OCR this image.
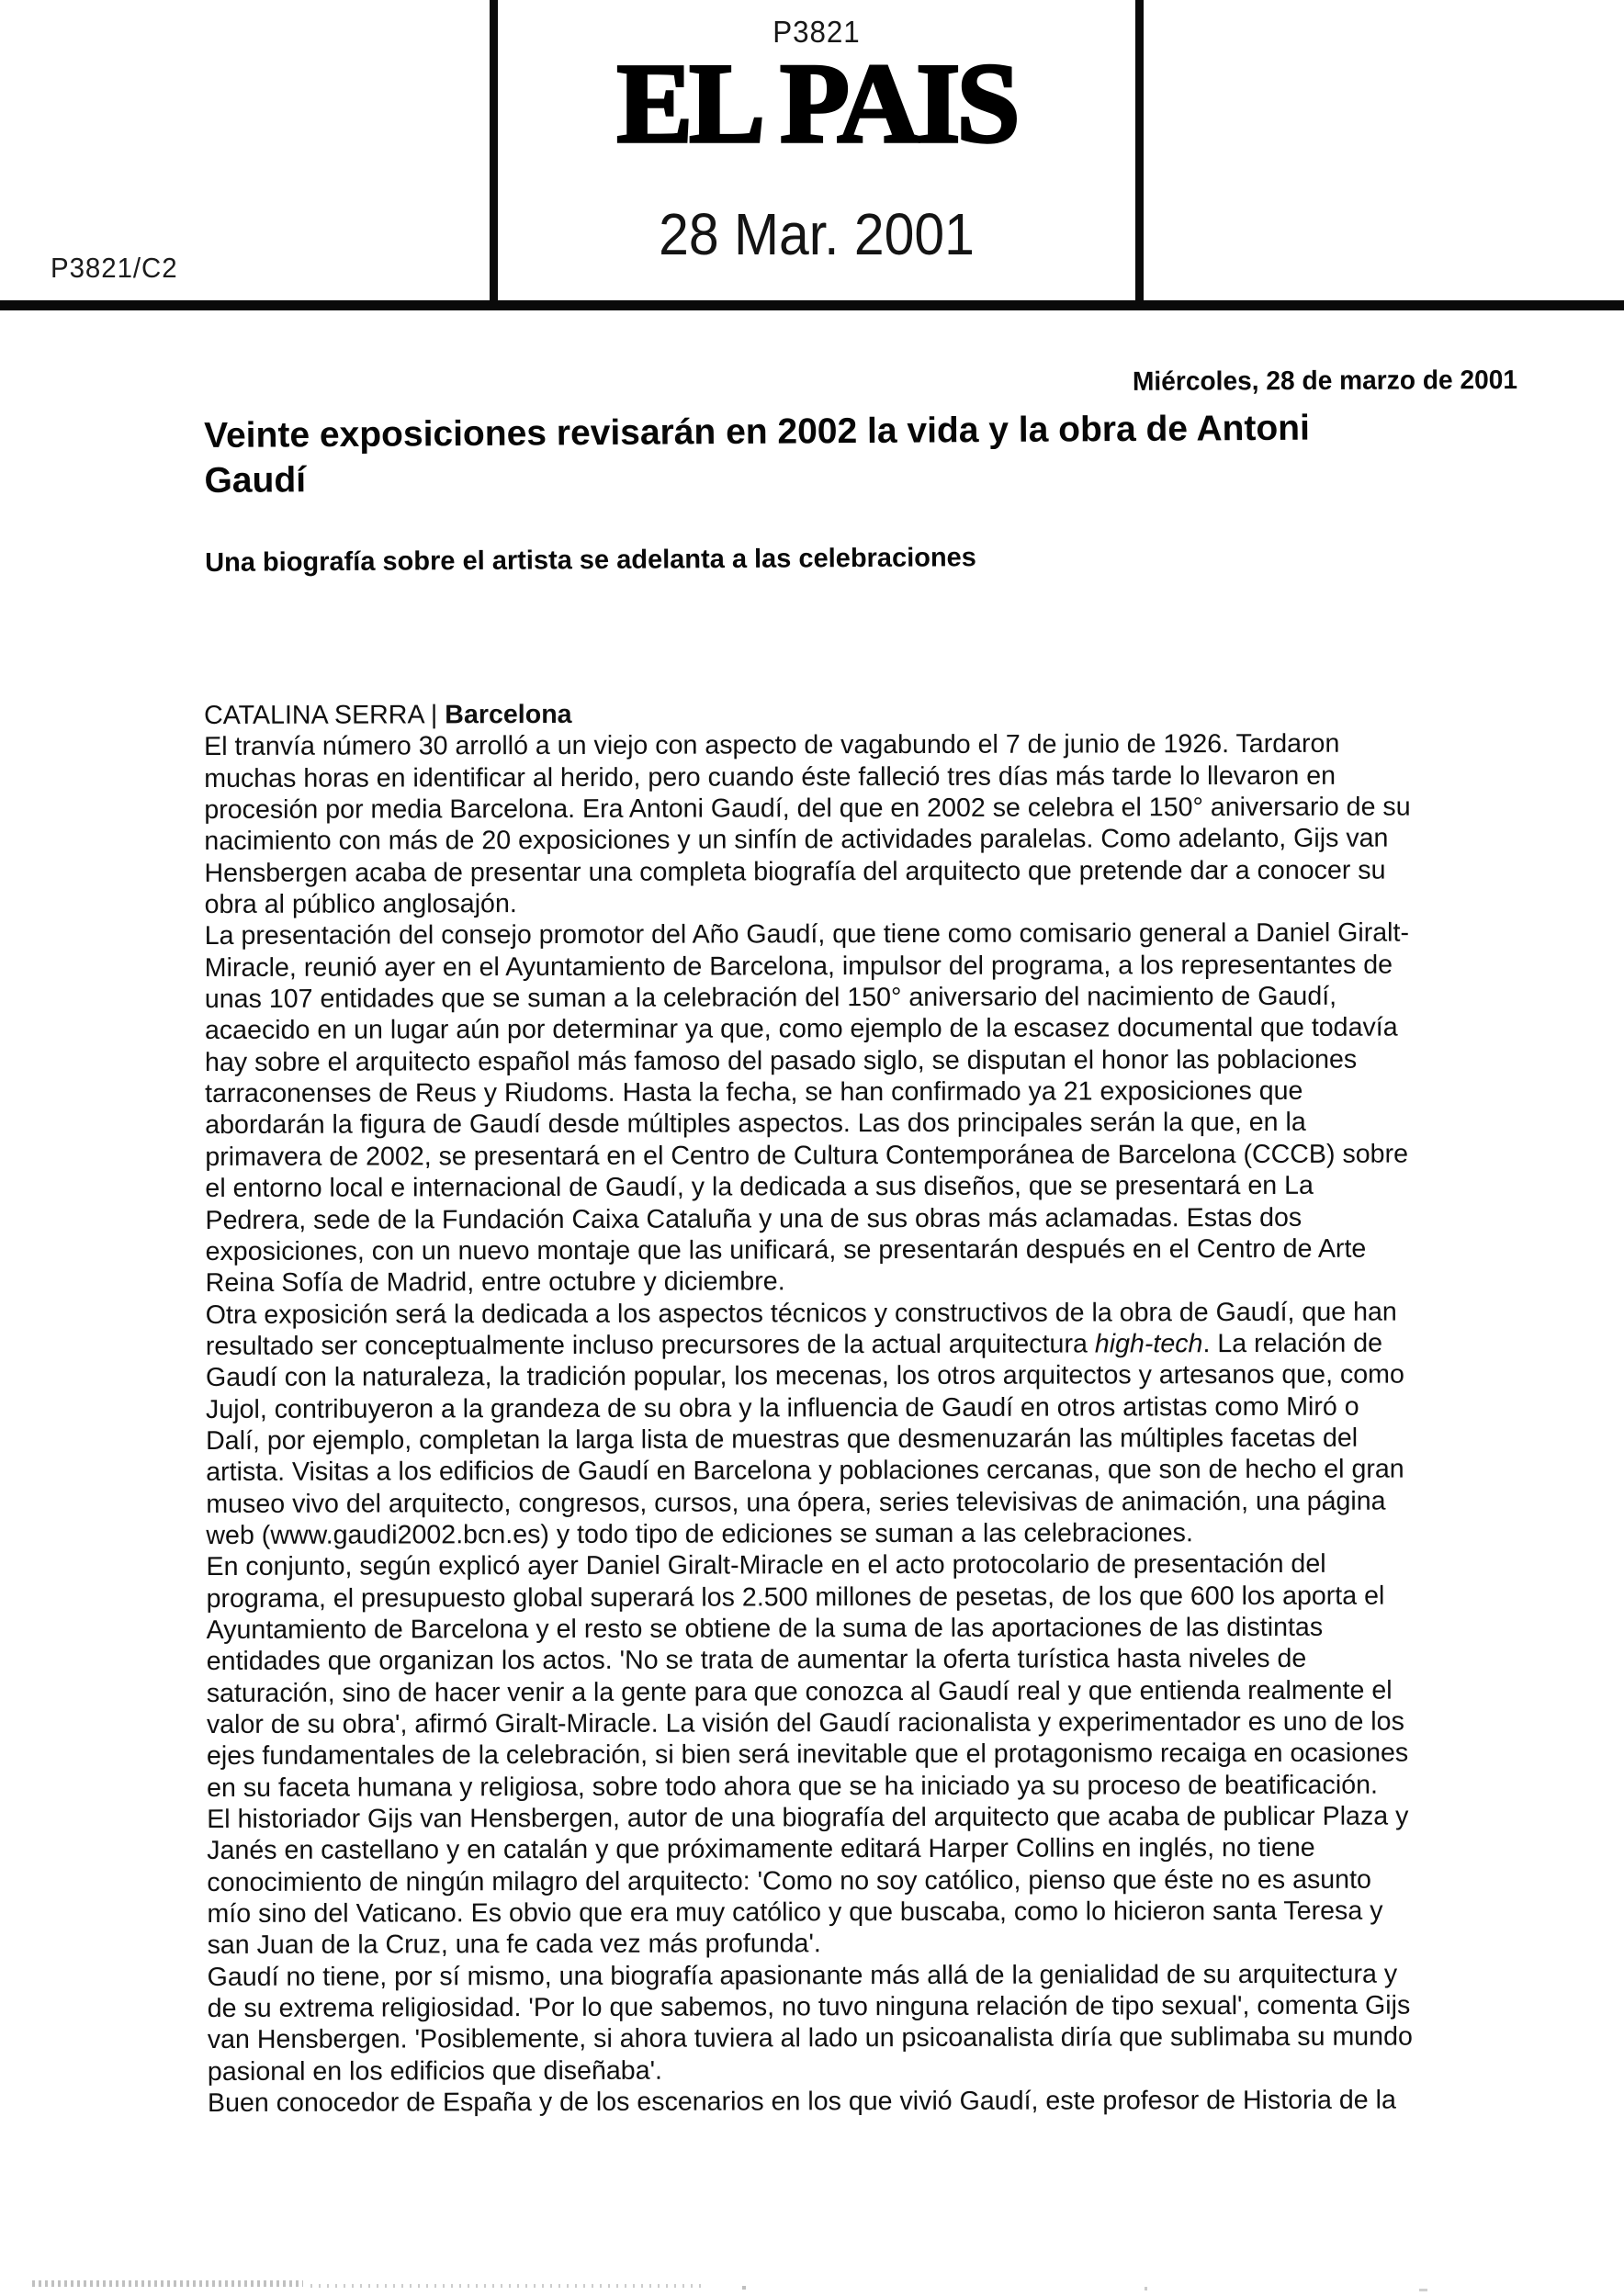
P3821/C2
P3821
EL PAIS
28 Mar. 2001
Miércoles, 28 de marzo de 2001
Veinte exposiciones revisarán en 2002 la vida y la obra de Antoni
Gaudí
Una biografía sobre el artista se adelanta a las celebraciones
CATALINA SERRA | Barcelona
El tranvía número 30 arrolló a un viejo con aspecto de vagabundo el 7 de junio de 1926. Tardaron
muchas horas en identificar al herido, pero cuando éste falleció tres días más tarde lo llevaron en
procesión por media Barcelona. Era Antoni Gaudí, del que en 2002 se celebra el 150° aniversario de su
nacimiento con más de 20 exposiciones y un sinfín de actividades paralelas. Como adelanto, Gijs van
Hensbergen acaba de presentar una completa biografía del arquitecto que pretende dar a conocer su
obra al público anglosajón.
La presentación del consejo promotor del Año Gaudí, que tiene como comisario general a Daniel Giralt-
Miracle, reunió ayer en el Ayuntamiento de Barcelona, impulsor del programa, a los representantes de
unas 107 entidades que se suman a la celebración del 150° aniversario del nacimiento de Gaudí,
acaecido en un lugar aún por determinar ya que, como ejemplo de la escasez documental que todavía
hay sobre el arquitecto español más famoso del pasado siglo, se disputan el honor las poblaciones
tarraconenses de Reus y Riudoms. Hasta la fecha, se han confirmado ya 21 exposiciones que
abordarán la figura de Gaudí desde múltiples aspectos. Las dos principales serán la que, en la
primavera de 2002, se presentará en el Centro de Cultura Contemporánea de Barcelona (CCCB) sobre
el entorno local e internacional de Gaudí, y la dedicada a sus diseños, que se presentará en La
Pedrera, sede de la Fundación Caixa Cataluña y una de sus obras más aclamadas. Estas dos
exposiciones, con un nuevo montaje que las unificará, se presentarán después en el Centro de Arte
Reina Sofía de Madrid, entre octubre y diciembre.
Otra exposición será la dedicada a los aspectos técnicos y constructivos de la obra de Gaudí, que han
resultado ser conceptualmente incluso precursores de la actual arquitectura high-tech. La relación de
Gaudí con la naturaleza, la tradición popular, los mecenas, los otros arquitectos y artesanos que, como
Jujol, contribuyeron a la grandeza de su obra y la influencia de Gaudí en otros artistas como Miró o
Dalí, por ejemplo, completan la larga lista de muestras que desmenuzarán las múltiples facetas del
artista. Visitas a los edificios de Gaudí en Barcelona y poblaciones cercanas, que son de hecho el gran
museo vivo del arquitecto, congresos, cursos, una ópera, series televisivas de animación, una página
web (www.gaudi2002.bcn.es) y todo tipo de ediciones se suman a las celebraciones.
En conjunto, según explicó ayer Daniel Giralt-Miracle en el acto protocolario de presentación del
programa, el presupuesto global superará los 2.500 millones de pesetas, de los que 600 los aporta el
Ayuntamiento de Barcelona y el resto se obtiene de la suma de las aportaciones de las distintas
entidades que organizan los actos. 'No se trata de aumentar la oferta turística hasta niveles de
saturación, sino de hacer venir a la gente para que conozca al Gaudí real y que entienda realmente el
valor de su obra', afirmó Giralt-Miracle. La visión del Gaudí racionalista y experimentador es uno de los
ejes fundamentales de la celebración, si bien será inevitable que el protagonismo recaiga en ocasiones
en su faceta humana y religiosa, sobre todo ahora que se ha iniciado ya su proceso de beatificación.
El historiador Gijs van Hensbergen, autor de una biografía del arquitecto que acaba de publicar Plaza y
Janés en castellano y en catalán y que próximamente editará Harper Collins en inglés, no tiene
conocimiento de ningún milagro del arquitecto: 'Como no soy católico, pienso que éste no es asunto
mío sino del Vaticano. Es obvio que era muy católico y que buscaba, como lo hicieron santa Teresa y
san Juan de la Cruz, una fe cada vez más profunda'.
Gaudí no tiene, por sí mismo, una biografía apasionante más allá de la genialidad de su arquitectura y
de su extrema religiosidad. 'Por lo que sabemos, no tuvo ninguna relación de tipo sexual', comenta Gijs
van Hensbergen. 'Posiblemente, si ahora tuviera al lado un psicoanalista diría que sublimaba su mundo
pasional en los edificios que diseñaba'.
Buen conocedor de España y de los escenarios en los que vivió Gaudí, este profesor de Historia de la
